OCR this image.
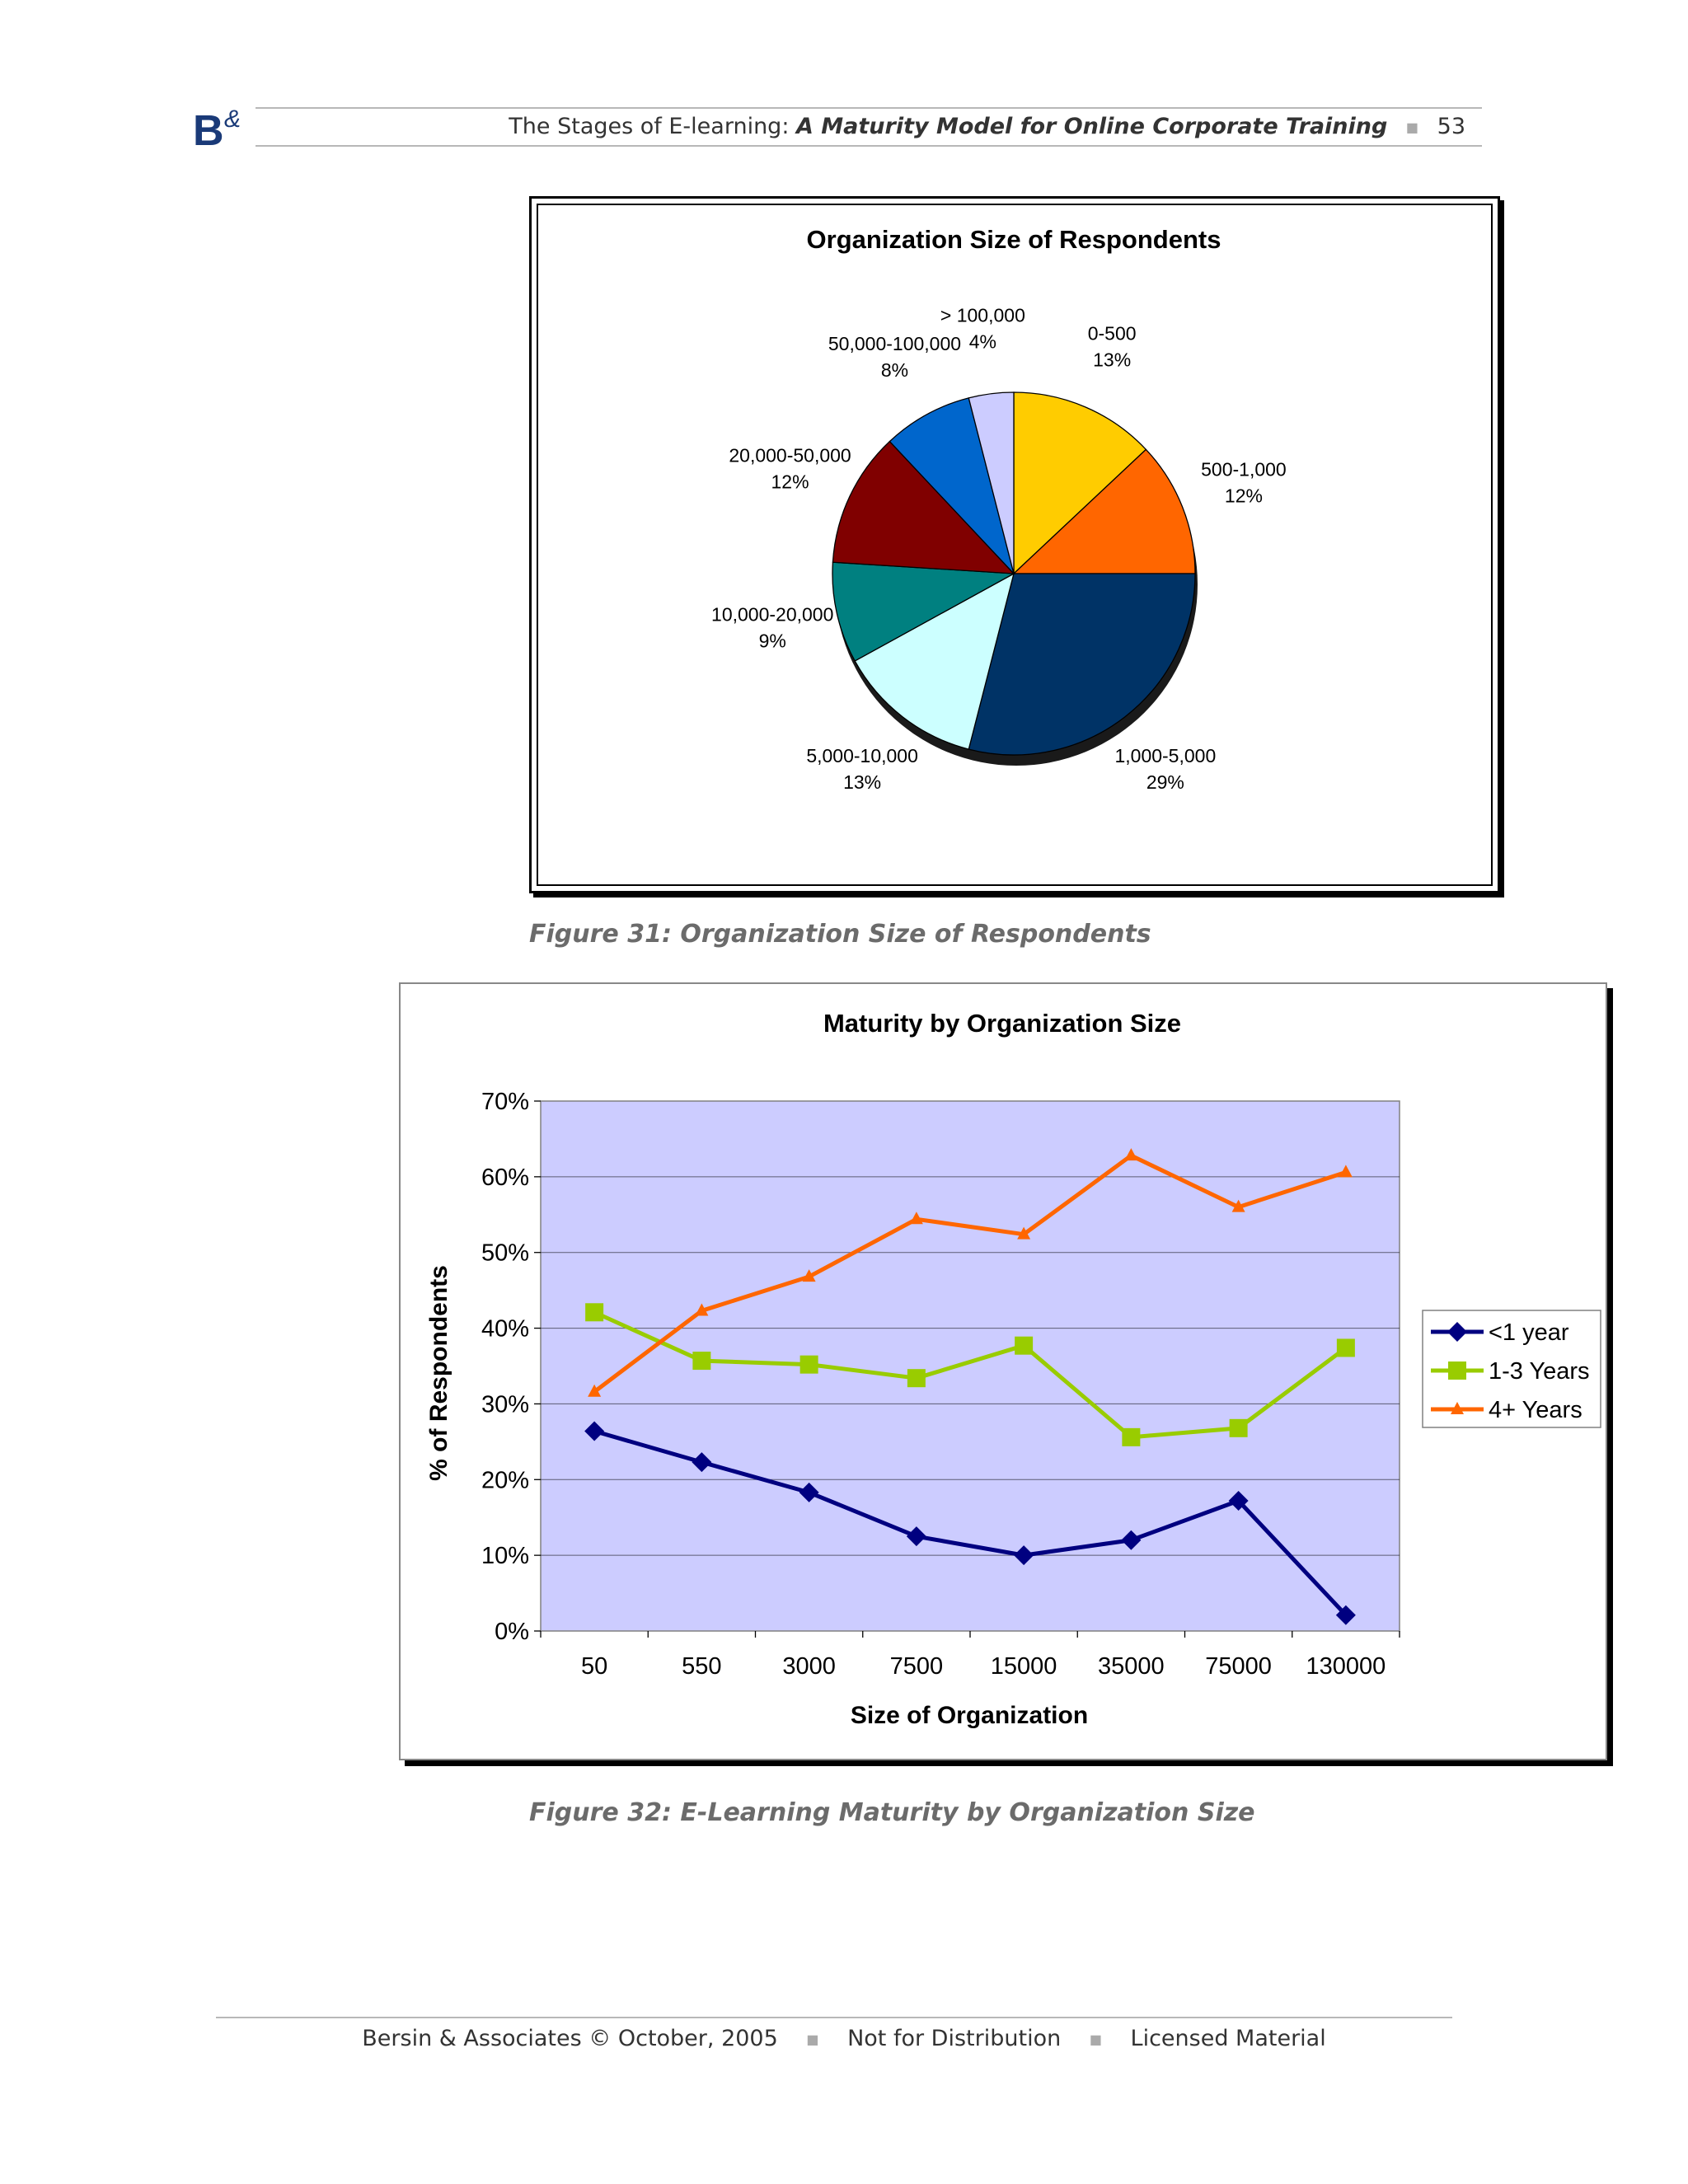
B &	The Stages of E-learning: A Maturity Model for Online Corporate Training ■ 53
Organization Size of Respondents
0-500
13%
500-1,000
12%
1,000-5,000
29%
5,000-10,000
13%
10,000-20,000
9%
20,000-50,000
12%
50,000-100,000
8%
> 100,000
4%
Figure 31: Organization Size of Respondents
Maturity by Organization Size
0%
10%
20%
30%
40%
50%
60%
70%
50	550	3000 7500 15000 35000 75000 130000
% of Respondents
Size of Organization
<1 year
1-3 Years
4+ Years
Figure 32: E-Learning Maturity by Organization Size
Bersin & Associates © October, 2005 ■ Not for Distribution ■ Licensed Material
